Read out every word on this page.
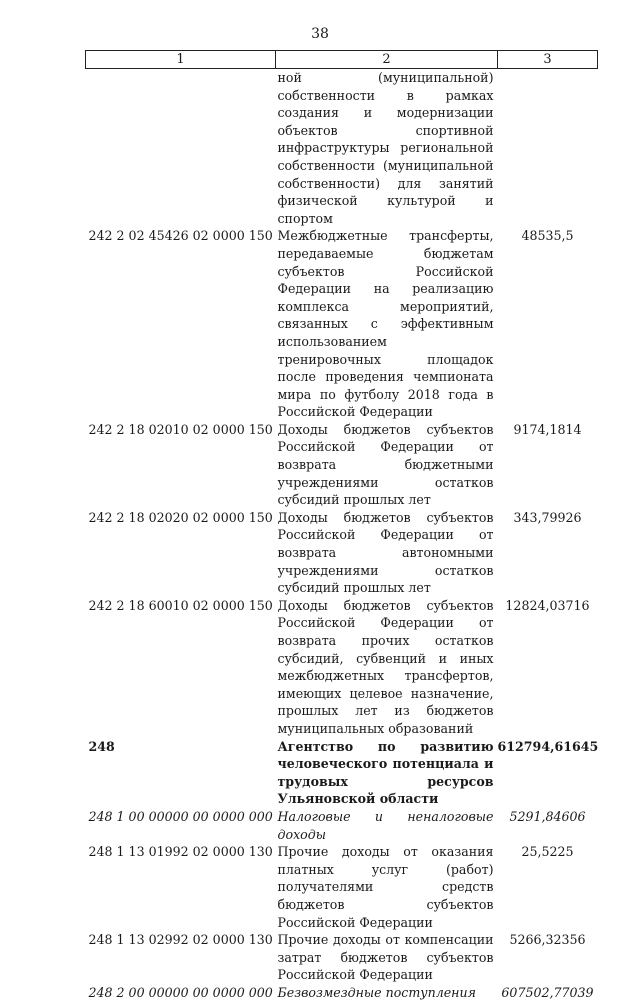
38
1	2	3
	ной (муниципальной) собственности в рамках создания и модернизации объектов спортивной инфраструктуры региональной собственности (муниципальной собственности) для занятий физической культурой и спортом	
242 2 02 45426 02 0000 150	Межбюджетные трансферты, передаваемые бюджетам субъектов Российской Федерации на реализацию комплекса мероприятий, связанных с эффективным использованием тренировочных площадок после проведения чемпионата мира по футболу 2018 года в Российской Федерации	48535,5
242 2 18 02010 02 0000 150	Доходы бюджетов субъектов Российской Федерации от возврата бюджетными учреждениями остатков субсидий прошлых лет	9174,1814
242 2 18 02020 02 0000 150	Доходы бюджетов субъектов Российской Федерации от возврата автономными учреждениями остатков субсидий прошлых лет	343,79926
242 2 18 60010 02 0000 150	Доходы бюджетов субъектов Российской Федерации от возврата прочих остатков субсидий, субвенций и иных межбюджетных трансфертов, имеющих целевое назначение, прошлых лет из бюджетов муниципальных образований	12824,03716
248	Агентство по развитию человеческого потенциала и трудовых ресурсов Ульяновской области	612794,61645
248 1 00 00000 00 0000 000	Налоговые и неналоговые доходы	5291,84606
248 1 13 01992 02 0000 130	Прочие доходы от оказания платных услуг (работ) получателями средств бюджетов субъектов Российской Федерации	25,5225
248 1 13 02992 02 0000 130	Прочие доходы от компенсации затрат бюджетов субъектов Российской Федерации	5266,32356
248 2 00 00000 00 0000 000	Безвозмездные поступления	607502,77039
